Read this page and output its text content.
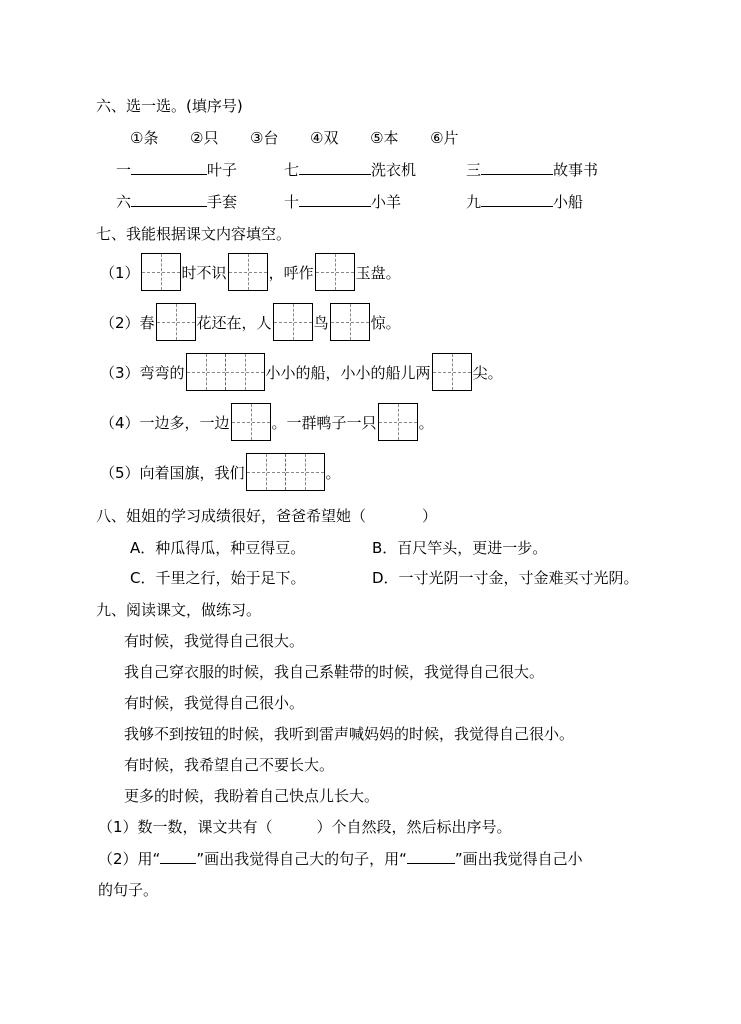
六、选一选。(填序号)
①条 ②只 ③台 ④双 ⑤本 ⑥片
一	叶子	七	洗衣机	三	故事书
六	手套	十	小羊	九	小船
七、我能根据课文内容填空。
（1）	时不识	，呼作	玉盘。
（2）春	花还在，人	鸟	惊。
（3）弯弯的	小小的船，小小的船儿两	尖。
（4）一边多，一边	。一群鸭子一只	。
（5）向着国旗，我们	。
八、姐姐的学习成绩很好，爸爸希望她（	）
A．种瓜得瓜，种豆得豆。	B．百尺竿头，更进一步。
C．千里之行，始于足下。	D．一寸光阴一寸金，寸金难买寸光阴。
九、阅读课文，做练习。
有时候，我觉得自己很大。
我自己穿衣服的时候，我自己系鞋带的时候，我觉得自己很大。
有时候，我觉得自己很小。
我够不到按钮的时候，我听到雷声喊妈妈的时候，我觉得自己很小。
有时候，我希望自己不要长大。
更多的时候，我盼着自己快点儿长大。
（1）数一数，课文共有（	）个自然段，然后标出序号。
（2）用“ ”画出我觉得自己大的句子，用“	”画出我觉得自己小
的句子。
